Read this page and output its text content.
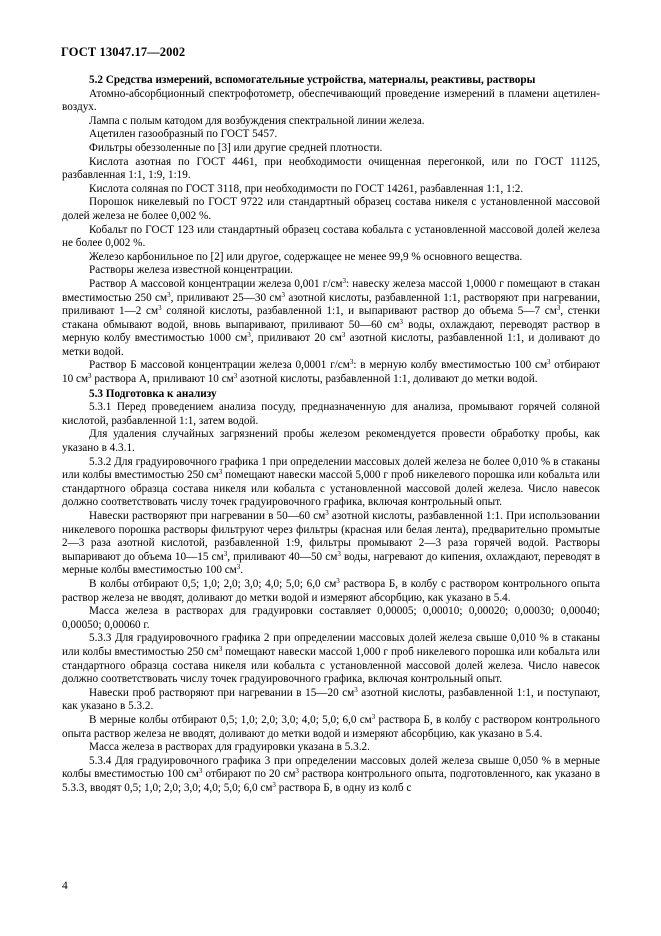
ГОСТ 13047.17—2002

5.2 Средства измерений, вспомогательные устройства, материалы, реактивы, растворы

Атомно-абсорбционный спектрофотометр, обеспечивающий проведение измерений в пламени ацетилен-воздух.

Лампа с полым катодом для возбуждения спектральной линии железа.

Ацетилен газообразный по ГОСТ 5457.

Фильтры обеззоленные по [3] или другие средней плотности.

Кислота азотная по ГОСТ 4461, при необходимости очищенная перегонкой, или по ГОСТ 11125, разбавленная 1:1, 1:9, 1:19.

Кислота соляная по ГОСТ 3118, при необходимости по ГОСТ 14261, разбавленная 1:1, 1:2.

Порошок никелевый по ГОСТ 9722 или стандартный образец состава никеля с установленной массовой долей железа не более 0,002 %.

Кобальт по ГОСТ 123 или стандартный образец состава кобальта с установленной массовой долей железа не более 0,002 %.

Железо карбонильное по [2] или другое, содержащее не менее 99,9 % основного вещества.

Растворы железа известной концентрации.

Раствор А массовой концентрации железа 0,001 $г/см^3$: навеску железа массой 1,0000 г помещают в стакан вместимостью 250 $см^3$, приливают 25—30 $см^3$ азотной кислоты, разбавленной 1:1, растворяют при нагревании, приливают 1—2 $см^3$ соляной кислоты, разбавленной 1:1, и выпаривают раствор до объема 5—7 $см^3$, стенки стакана обмывают водой, вновь выпаривают, приливают 50—60 $см^3$ воды, охлаждают, переводят раствор в мерную колбу вместимостью 1000 $см^3$, приливают 20 $см^3$ азотной кислоты, разбавленной 1:1, и доливают до метки водой.

Раствор Б массовой концентрации железа 0,0001 $г/см^3$: в мерную колбу вместимостью 100 $см^3$ отбирают 10 $см^3$ раствора А, приливают 10 $см^3$ азотной кислоты, разбавленной 1:1, доливают до метки водой.

5.3 Подготовка к анализу

5.3.1 Перед проведением анализа посуду, предназначенную для анализа, промывают горячей соляной кислотой, разбавленной 1:1, затем водой.

Для удаления случайных загрязнений пробы железом рекомендуется провести обработку пробы, как указано в 4.3.1.

5.3.2 Для градуировочного графика 1 при определении массовых долей железа не более 0,010 % в стаканы или колбы вместимостью 250 $см^3$ помещают навески массой 5,000 г проб никелевого порошка или кобальта или стандартного образца состава никеля или кобальта с установленной массовой долей железа. Число навесок должно соответствовать числу точек градуировочного графика, включая контрольный опыт.

Навески растворяют при нагревании в 50—60 $см^3$ азотной кислоты, разбавленной 1:1. При использовании никелевого порошка растворы фильтруют через фильтры (красная или белая лента), предварительно промытые 2—3 раза азотной кислотой, разбавленной 1:9, фильтры промывают 2—3 раза горячей водой. Растворы выпаривают до объема 10—15 $см^3$, приливают 40—50 $см^3$ воды, нагревают до кипения, охлаждают, переводят в мерные колбы вместимостью 100 $см^3$.

В колбы отбирают 0,5; 1,0; 2,0; 3,0; 4,0; 5,0; 6,0 $см^3$ раствора Б, в колбу с раствором контрольного опыта раствор железа не вводят, доливают до метки водой и измеряют абсорбцию, как указано в 5.4.

Масса железа в растворах для градуировки составляет 0,00005; 0,00010; 0,00020; 0,00030; 0,00040; 0,00050; 0,00060 г.

5.3.3 Для градуировочного графика 2 при определении массовых долей железа свыше 0,010 % в стаканы или колбы вместимостью 250 $см^3$ помещают навески массой 1,000 г проб никелевого порошка или кобальта или стандартного образца состава никеля или кобальта с установленной массовой долей железа. Число навесок должно соответствовать числу точек градуировочного графика, включая контрольный опыт.

Навески проб растворяют при нагревании в 15—20 $см^3$ азотной кислоты, разбавленной 1:1, и поступают, как указано в 5.3.2.

В мерные колбы отбирают 0,5; 1,0; 2,0; 3,0; 4,0; 5,0; 6,0 $см^3$ раствора Б, в колбу с раствором контрольного опыта раствор железа не вводят, доливают до метки водой и измеряют абсорбцию, как указано в 5.4.

Масса железа в растворах для градуировки указана в 5.3.2.

5.3.4 Для градуировочного графика 3 при определении массовых долей железа свыше 0,050 % в мерные колбы вместимостью 100 $см^3$ отбирают по 20 $см^3$ раствора контрольного опыта, подготовленного, как указано в 5.3.3, вводят 0,5; 1,0; 2,0; 3,0; 4,0; 5,0; 6,0 $см^3$ раствора Б, в одну из колб с

4
